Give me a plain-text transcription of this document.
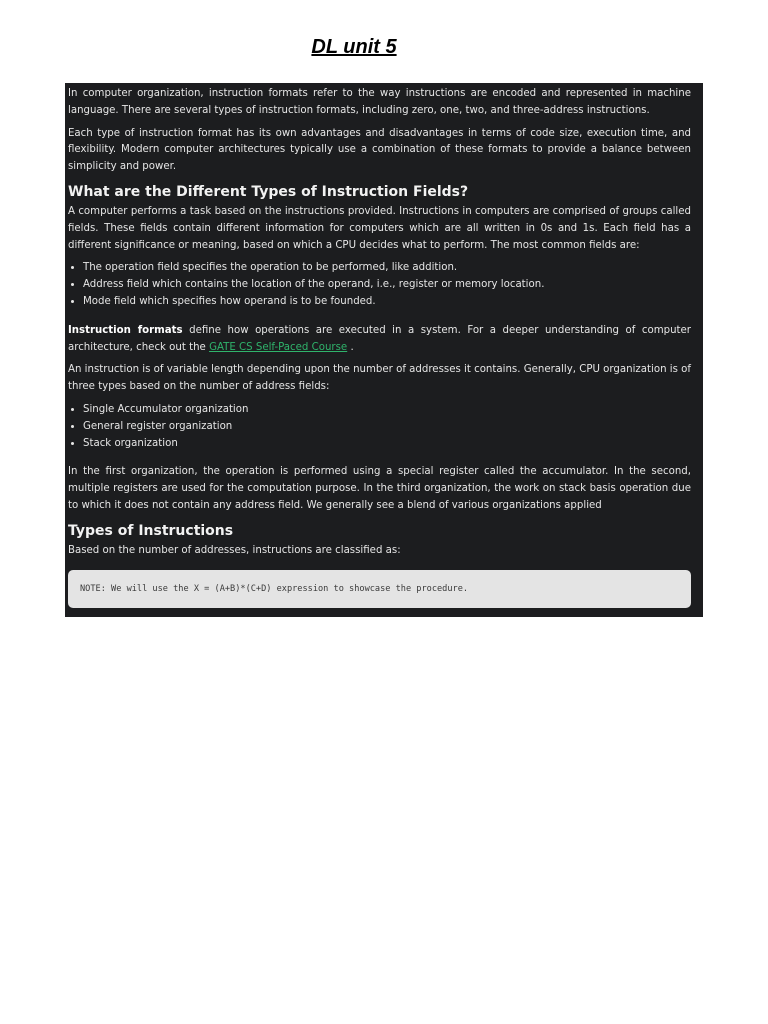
DL unit 5

In computer organization, instruction formats refer to the way instructions are encoded and represented in machine language. There are several types of instruction formats, including zero, one, two, and three-address instructions.

Each type of instruction format has its own advantages and disadvantages in terms of code size, execution time, and flexibility. Modern computer architectures typically use a combination of these formats to provide a balance between simplicity and power.

What are the Different Types of Instruction Fields?

A computer performs a task based on the instructions provided. Instructions in computers are comprised of groups called fields. These fields contain different information for computers which are all written in 0s and 1s. Each field has a different significance or meaning, based on which a CPU decides what to perform. The most common fields are:

• The operation field specifies the operation to be performed, like addition.
• Address field which contains the location of the operand, i.e., register or memory location.
• Mode field which specifies how operand is to be founded.

Instruction formats define how operations are executed in a system. For a deeper understanding of computer architecture, check out the GATE CS Self-Paced Course .

An instruction is of variable length depending upon the number of addresses it contains. Generally, CPU organization is of three types based on the number of address fields:

• Single Accumulator organization
• General register organization
• Stack organization

In the first organization, the operation is performed using a special register called the accumulator. In the second, multiple registers are used for the computation purpose. In the third organization, the work on stack basis operation due to which it does not contain any address field. We generally see a blend of various organizations applied

Types of Instructions

Based on the number of addresses, instructions are classified as:

NOTE: We will use the X = (A+B)*(C+D) expression to showcase the procedure.
